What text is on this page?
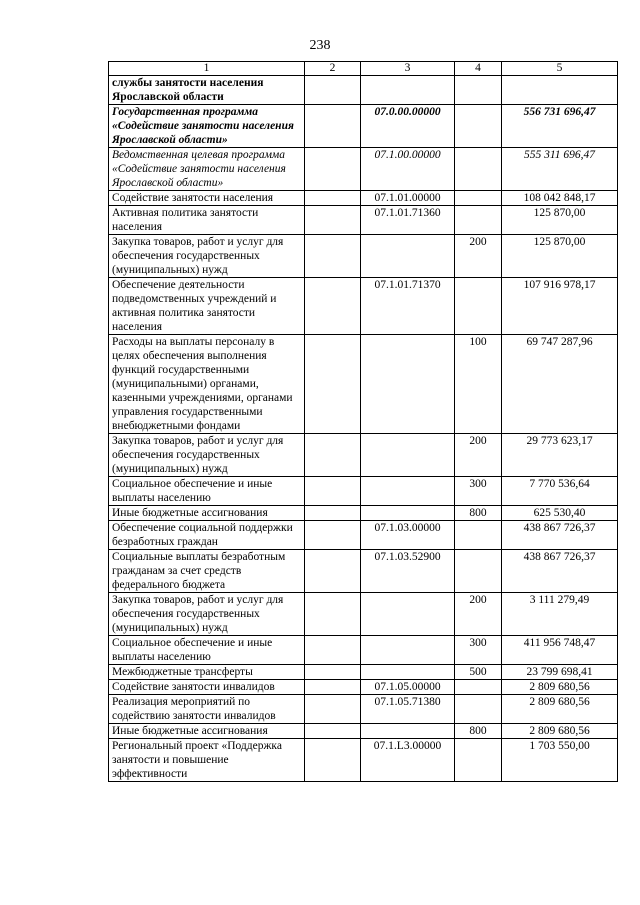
238
1	2	3	4	5
службы занятости населения Ярославской области				
Государственная программа «Содействие занятости населения Ярославской области»		07.0.00.00000		556 731 696,47
Ведомственная целевая программа «Содействие занятости населения Ярославской области»		07.1.00.00000		555 311 696,47
Содействие занятости населения		07.1.01.00000		108 042 848,17
Активная политика занятости населения		07.1.01.71360		125 870,00
Закупка товаров, работ и услуг для обеспечения государственных (муниципальных) нужд			200	125 870,00
Обеспечение деятельности подведомственных учреждений и активная политика занятости населения		07.1.01.71370		107 916 978,17
Расходы на выплаты персоналу в целях обеспечения выполнения функций государственными (муниципальными) органами, казенными учреждениями, органами управления государственными внебюджетными фондами			100	69 747 287,96
Закупка товаров, работ и услуг для обеспечения государственных (муниципальных) нужд			200	29 773 623,17
Социальное обеспечение и иные выплаты населению			300	7 770 536,64
Иные бюджетные ассигнования			800	625 530,40
Обеспечение социальной поддержки безработных граждан		07.1.03.00000		438 867 726,37
Социальные выплаты безработным гражданам за счет средств федерального бюджета		07.1.03.52900		438 867 726,37
Закупка товаров, работ и услуг для обеспечения государственных (муниципальных) нужд			200	3 111 279,49
Социальное обеспечение и иные выплаты населению			300	411 956 748,47
Межбюджетные трансферты			500	23 799 698,41
Содействие занятости инвалидов		07.1.05.00000		2 809 680,56
Реализация мероприятий по содействию занятости инвалидов		07.1.05.71380		2 809 680,56
Иные бюджетные ассигнования			800	2 809 680,56
Региональный проект «Поддержка занятости и повышение эффективности		07.1.L3.00000		1 703 550,00
